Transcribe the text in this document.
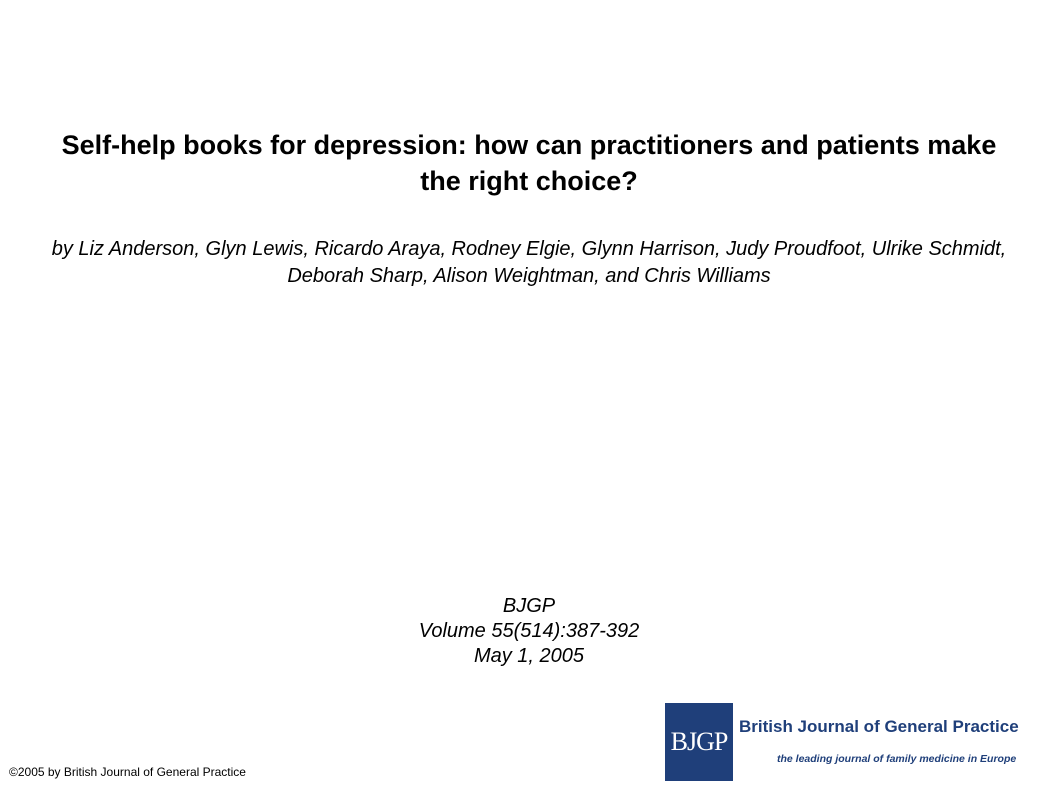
Self-help books for depression: how can practitioners and patients make the right choice?
by Liz Anderson, Glyn Lewis, Ricardo Araya, Rodney Elgie, Glynn Harrison, Judy Proudfoot, Ulrike Schmidt, Deborah Sharp, Alison Weightman, and Chris Williams
BJGP
Volume 55(514):387-392
May 1, 2005
©2005 by British Journal of General Practice
BJGP
British Journal of General Practice
the leading journal of family medicine in Europe
